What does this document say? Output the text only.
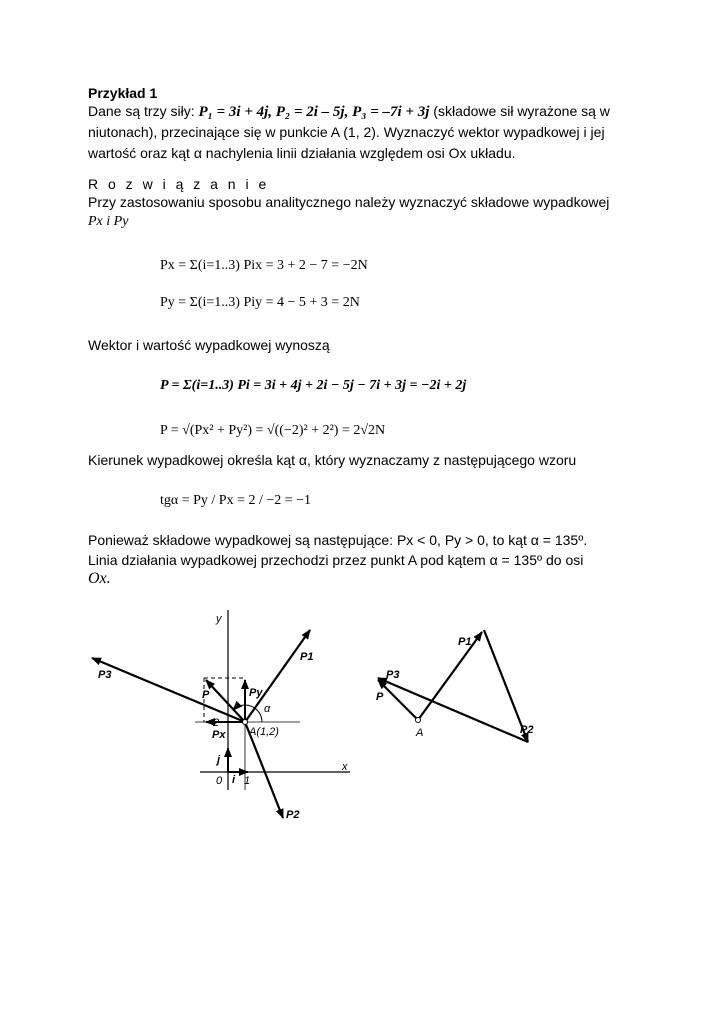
Przykład 1
Dane są trzy siły: P₁ = 3i + 4j, P₂ = 2i – 5j, P₃ = –7i + 3j (składowe sił wyrażone są w
niutonach), przecinające się w punkcie A (1, 2). Wyznaczyć wektor wypadkowej i jej
wartość oraz kąt α nachylenia linii działania względem osi Ox układu.
R o z w i ą z a n i e
Przy zastosowaniu sposobu analitycznego należy wyznaczyć składowe wypadkowej
Px i Py
Px = Σ(i=1..3) Pix = 3 + 2 − 7 = −2N
Py = Σ(i=1..3) Piy = 4 − 5 + 3 = 2N
Wektor i wartość wypadkowej wynoszą
P = Σ(i=1..3) Pi = 3i + 4j + 2i − 5j − 7i + 3j = −2i + 2j
P = √(Px² + Py²) = √((−2)² + 2²) = 2√2N
Kierunek wypadkowej określa kąt α, który wyznaczamy z następującego wzoru
tgα = Py / Px = 2 / −2 = −1
Ponieważ składowe wypadkowej są następujące: Px < 0, Py > 0, to kąt α = 135º.
Linia działania wypadkowej przechodzi przez punkt A pod kątem α = 135º do osi
Ox.
y
x
0 i
j
1
2
A(1,2)
P1
P2
P3
P
Px
Py
α
P1
P2
P3
P
A
